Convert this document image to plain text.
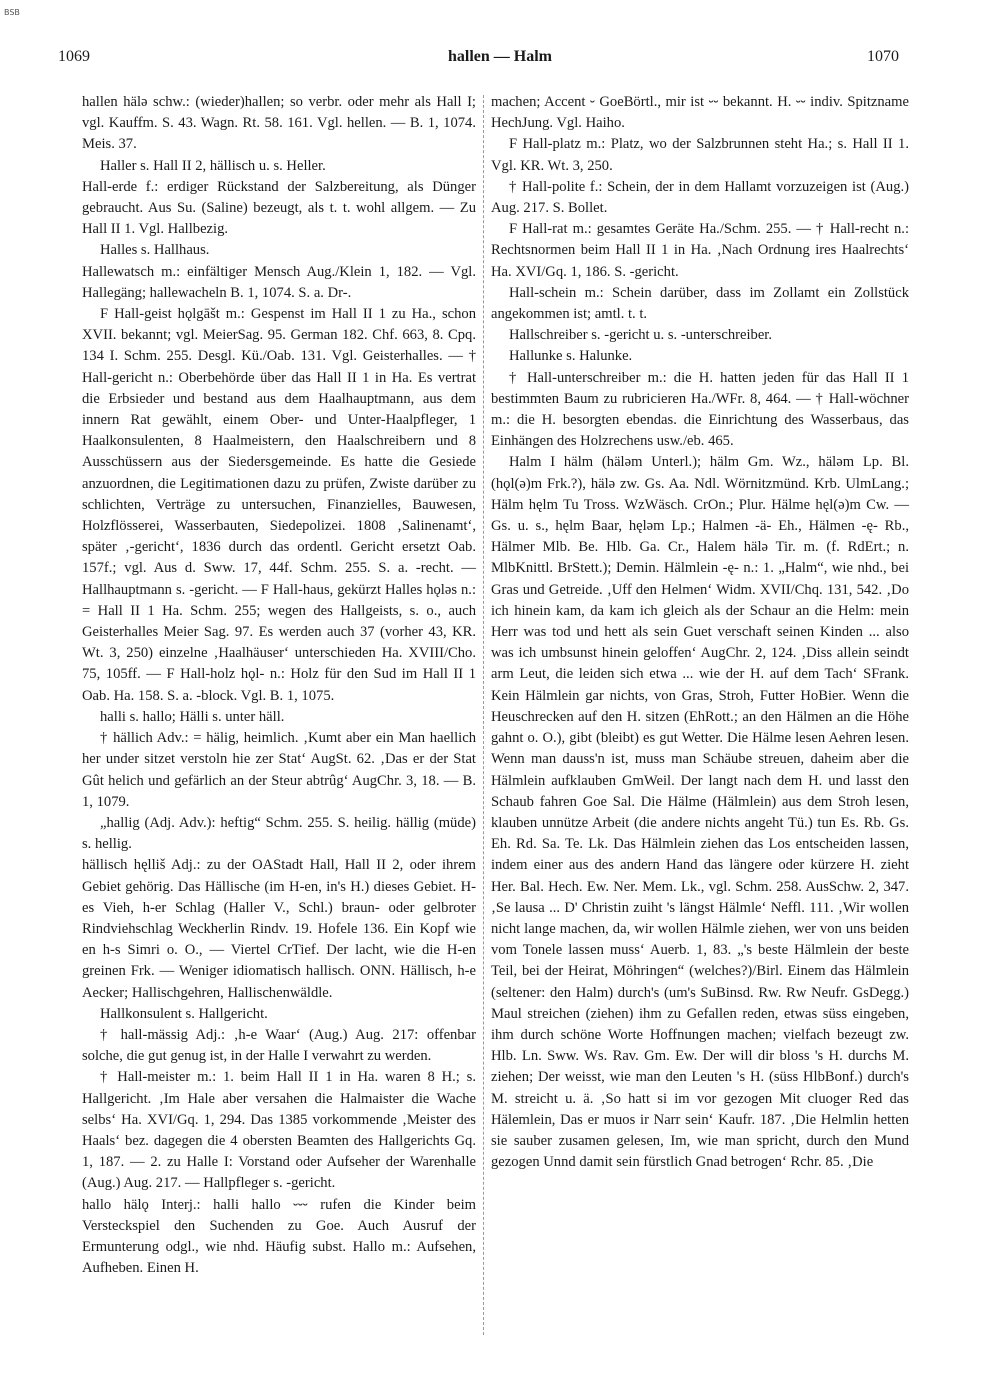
BSB
1069	hallen — Halm	1070

hallen hälə schw.: (wieder)hallen; so verbr. oder mehr als Hall I; vgl. Kauffm. S. 43. Wagn. Rt. 58. 161. Vgl. hellen. — B. 1, 1074. Meis. 37.

Haller s. Hall II 2, hällisch u. s. Heller.

Hall-erde f.: erdiger Rückstand der Salzbereitung, als Dünger gebraucht. Aus Su. (Saline) bezeugt, als t. t. wohl allgem. — Zu Hall II 1. Vgl. Hallbezig.

Halles s. Hallhaus.

Hallewatsch m.: einfältiger Mensch Aug./Klein 1, 182. — Vgl. Hallegäng; hallewacheln B. 1, 1074. S. a. Dr-.

F Hall-geist hǫlgāšt m.: Gespenst im Hall II 1 zu Ha., schon XVII. bekannt; vgl. MeierSag. 95. German 182. Chf. 663, 8. Cpq. 134 I. Schm. 255. Desgl. Kü./Oab. 131. Vgl. Geisterhalles. — † Hall-gericht n.: Oberbehörde über das Hall II 1 in Ha. Es vertrat die Erbsieder und bestand aus dem Haalhauptmann, aus dem innern Rat gewählt, einem Ober- und Unter-Haalpfleger, 1 Haalkonsulenten, 8 Haalmeistern, den Haalschreibern und 8 Ausschüssern aus der Siedersgemeinde. Es hatte die Gesiede anzuordnen, die Legitimationen dazu zu prüfen, Zwiste darüber zu schlichten, Verträge zu untersuchen, Finanzielles, Bauwesen, Holzflösserei, Wasserbauten, Siedepolizei. 1808 ‚Salinenamt‘, später ‚-gericht‘, 1836 durch das ordentl. Gericht ersetzt Oab. 157f.; vgl. Aus d. Sww. 17, 44f. Schm. 255. S. a. -recht. — Hallhauptmann s. -gericht. — F Hall-haus, gekürzt Halles hǫləs n.: = Hall II 1 Ha. Schm. 255; wegen des Hallgeists, s. o., auch Geisterhalles Meier Sag. 97. Es werden auch 37 (vorher 43, KR. Wt. 3, 250) einzelne ‚Haalhäuser‘ unterschieden Ha. XVIII/Cho. 75, 105ff. — F Hall-holz hǫl- n.: Holz für den Sud im Hall II 1 Oab. Ha. 158. S. a. -block. Vgl. B. 1, 1075.

halli s. hallo; Hälli s. unter häll.

† hällich Adv.: = hälig, heimlich. ‚Kumt aber ein Man haellich her under sitzet verstoln hie zer Stat‘ AugSt. 62. ‚Das er der Stat Gût helich und gefärlich an der Steur abtrûg‘ AugChr. 3, 18. — B. 1, 1079.

„hallig (Adj. Adv.): heftig“ Schm. 255. S. heilig. hällig (müde) s. hellig.

hällisch hęlliš Adj.: zu der OAStadt Hall, Hall II 2, oder ihrem Gebiet gehörig. Das Hällische (im H-en, in's H.) dieses Gebiet. H-es Vieh, h-er Schlag (Haller V., Schl.) braun- oder gelbroter Rindviehschlag Weckherlin Rindv. 19. Hofele 136. Ein Kopf wie en h-s Simri o. O., — Viertel CrTief. Der lacht, wie die H-en greinen Frk. — Weniger idiomatisch hallisch. ONN. Hällisch, h-e Aecker; Hallischgehren, Hallischenwäldle.

Hallkonsulent s. Hallgericht.

† hall-mässig Adj.: ‚h-e Waar‘ (Aug.) Aug. 217: offenbar solche, die gut genug ist, in der Halle I verwahrt zu werden.

† Hall-meister m.: 1. beim Hall II 1 in Ha. waren 8 H.; s. Hallgericht. ‚Im Hale aber versahen die Halmaister die Wache selbs‘ Ha. XVI/Gq. 1, 294. Das 1385 vorkommende ‚Meister des Haals‘ bez. dagegen die 4 obersten Beamten des Hallgerichts Gq. 1, 187. — 2. zu Halle I: Vorstand oder Aufseher der Warenhalle (Aug.) Aug. 217. — Hallpfleger s. -gericht.

hallo hälǫ Interj.: halli hallo ⏑⏑⏑ rufen die Kinder beim Versteckspiel den Suchenden zu Goe. Auch Ausruf der Ermunterung odgl., wie nhd. Häufig subst. Hallo m.: Aufsehen, Aufheben. Einen H.

machen; Accent ⏑ GoeBörtl., mir ist ⏑⏑ bekannt. H. ⏑⏑ indiv. Spitzname HechJung. Vgl. Haiho.

F Hall-platz m.: Platz, wo der Salzbrunnen steht Ha.; s. Hall II 1. Vgl. KR. Wt. 3, 250.

† Hall-polite f.: Schein, der in dem Hallamt vorzuzeigen ist (Aug.) Aug. 217. S. Bollet.

F Hall-rat m.: gesamtes Geräte Ha./Schm. 255. — † Hall-recht n.: Rechtsnormen beim Hall II 1 in Ha. ‚Nach Ordnung ires Haalrechts‘ Ha. XVI/Gq. 1, 186. S. -gericht.

Hall-schein m.: Schein darüber, dass im Zollamt ein Zollstück angekommen ist; amtl. t. t.

Hallschreiber s. -gericht u. s. -unterschreiber.

Hallunke s. Halunke.

† Hall-unterschreiber m.: die H. hatten jeden für das Hall II 1 bestimmten Baum zu rubricieren Ha./WFr. 8, 464. — † Hall-wöchner m.: die H. besorgten ebendas. die Einrichtung des Wasserbaus, das Einhängen des Holzrechens usw./eb. 465.

Halm I hälm (häləm Unterl.); hälm Gm. Wz., häləm Lp. Bl. (hǫl(ə)m Frk.?), hälə zw. Gs. Aa. Ndl. Wörnitzmünd. Krb. UlmLang.; Hälm hęlm Tu Tross. WzWäsch. CrOn.; Plur. Hälme hęl(ə)m Cw. —Gs. u. s., hęlm Baar, hęləm Lp.; Halmen -ä- Eh., Hälmen -ę- Rb., Hälmer Mlb. Be. Hlb. Ga. Cr., Halem hälə Tir. m. (f. RdErt.; n. MlbKnittl. BrStett.); Demin. Hälmlein -ę- n.: 1. „Halm“, wie nhd., bei Gras und Getreide. ‚Uff den Helmen‘ Widm. XVII/Chq. 131, 542. ‚Do ich hinein kam, da kam ich gleich als der Schaur an die Helm: mein Herr was tod und hett als sein Guet verschaft seinen Kinden ... also was ich umbsunst hinein geloffen‘ AugChr. 2, 124. ‚Diss allein seindt arm Leut, die leiden sich etwa ... wie der H. auf dem Tach‘ SFrank. Kein Hälmlein gar nichts, von Gras, Stroh, Futter HoBier. Wenn die Heuschrecken auf den H. sitzen (EhRott.; an den Hälmen an die Höhe gahnt o. O.), gibt (bleibt) es gut Wetter. Die Hälme lesen Aehren lesen. Wenn man dauss'n ist, muss man Schäube streuen, daheim aber die Hälmlein aufklauben GmWeil. Der langt nach dem H. und lasst den Schaub fahren Goe Sal. Die Hälme (Hälmlein) aus dem Stroh lesen, klauben unnütze Arbeit (die andere nichts angeht Tü.) tun Es. Rb. Gs. Eh. Rd. Sa. Te. Lk. Das Hälmlein ziehen das Los entscheiden lassen, indem einer aus des andern Hand das längere oder kürzere H. zieht Her. Bal. Hech. Ew. Ner. Mem. Lk., vgl. Schm. 258. AusSchw. 2, 347. ‚Se lausa ... D' Christin zuiht 's längst Hälmle‘ Neffl. 111. ‚Wir wollen nicht lange machen, da, wir wollen Hälmle ziehen, wer von uns beiden vom Tonele lassen muss‘ Auerb. 1, 83. „'s beste Hälmlein der beste Teil, bei der Heirat, Möhringen“ (welches?)/Birl. Einem das Hälmlein (seltener: den Halm) durch's (um's SuBinsd. Rw. Rw Neufr. GsDegg.) Maul streichen (ziehen) ihm zu Gefallen reden, etwas süss eingeben, ihm durch schöne Worte Hoffnungen machen; vielfach bezeugt zw. Hlb. Ln. Sww. Ws. Rav. Gm. Ew. Der will dir bloss 's H. durchs M. ziehen; Der weisst, wie man den Leuten 's H. (süss HlbBonf.) durch's M. streicht u. ä. ‚So hatt si im vor gezogen Mit cluoger Red das Hälemlein, Das er muos ir Narr sein‘ Kaufr. 187. ‚Die Helmlin hetten sie sauber zusamen gelesen, Im, wie man spricht, durch den Mund gezogen Unnd damit sein fürstlich Gnad betrogen‘ Rchr. 85. ‚Die
